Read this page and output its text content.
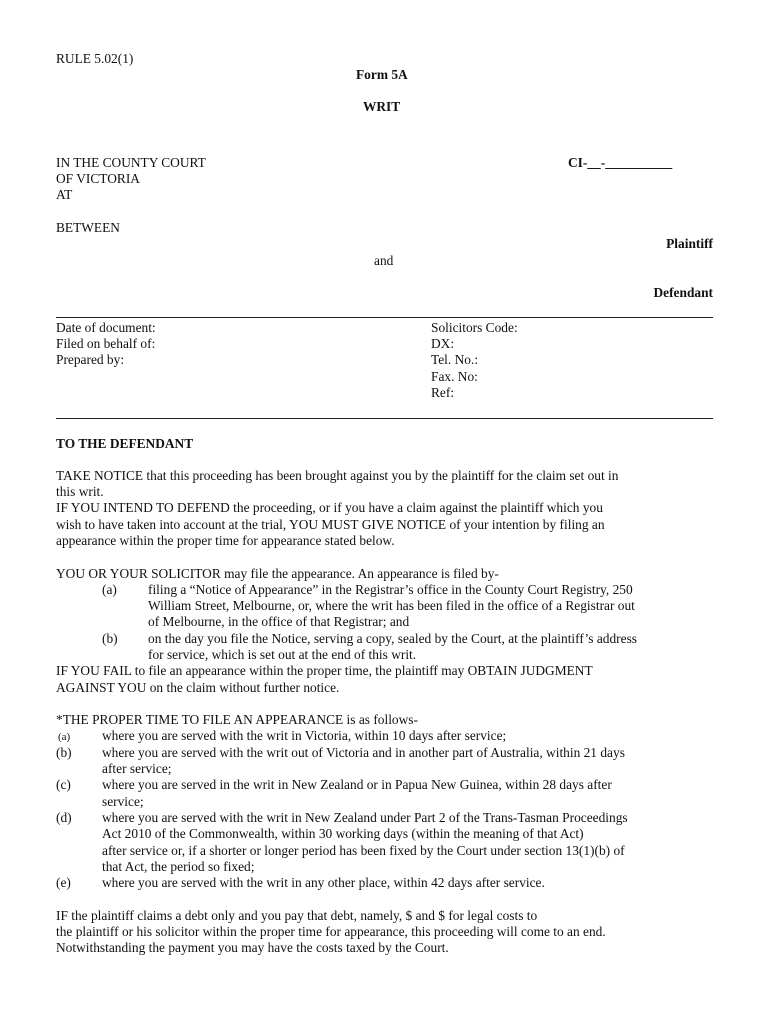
RULE 5.02(1)
Form 5A
WRIT
IN THE COUNTY COURT
OF VICTORIA
AT
CI-__-__________
BETWEEN
Plaintiff
and
Defendant
Date of document:
Filed on behalf of:
Prepared by:
Solicitors Code:
DX:
Tel. No.:
Fax. No:
Ref:
TO THE DEFENDANT
TAKE NOTICE that this proceeding has been brought against you by the plaintiff for the claim set out in
this writ.
IF YOU INTEND TO DEFEND the proceeding, or if you have a claim against the plaintiff which you
wish to have taken into account at the trial, YOU MUST GIVE NOTICE of your intention by filing an
appearance within the proper time for appearance stated below.
YOU OR YOUR SOLICITOR may file the appearance. An appearance is filed by-
(a) filing a “Notice of Appearance” in the Registrar’s office in the County Court Registry, 250
William Street, Melbourne, or, where the writ has been filed in the office of a Registrar out
of Melbourne, in the office of that Registrar; and
(b) on the day you file the Notice, serving a copy, sealed by the Court, at the plaintiff’s address
for service, which is set out at the end of this writ.
IF YOU FAIL to file an appearance within the proper time, the plaintiff may OBTAIN JUDGMENT
AGAINST YOU on the claim without further notice.
*THE PROPER TIME TO FILE AN APPEARANCE is as follows-
(a) where you are served with the writ in Victoria, within 10 days after service;
(b) where you are served with the writ out of Victoria and in another part of Australia, within 21 days
after service;
(c) where you are served in the writ in New Zealand or in Papua New Guinea, within 28 days after
service;
(d) where you are served with the writ in New Zealand under Part 2 of the Trans-Tasman Proceedings
Act 2010 of the Commonwealth, within 30 working days (within the meaning of that Act)
after service or, if a shorter or longer period has been fixed by the Court under section 13(1)(b) of
that Act, the period so fixed;
(e) where you are served with the writ in any other place, within 42 days after service.
IF the plaintiff claims a debt only and you pay that debt, namely, $ and $ for legal costs to
the plaintiff or his solicitor within the proper time for appearance, this proceeding will come to an end.
Notwithstanding the payment you may have the costs taxed by the Court.
